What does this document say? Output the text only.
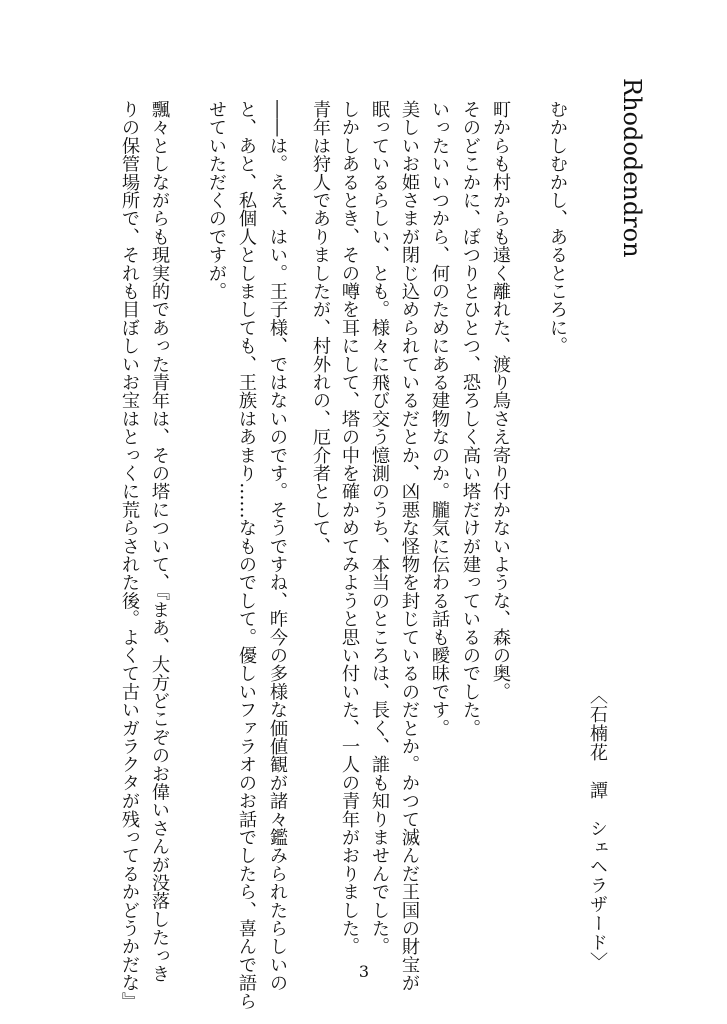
Rhododendron
〈石楠花　譚　シェヘラザード〉
むかしむかし、あるところに。
町からも村からも遠く離れた、渡り鳥さえ寄り付かないような、森の奥。
そのどこかに、ぽつりとひとつ、恐ろしく高い塔だけが建っているのでした。
いったいいつから、何のためにある建物なのか。朧気に伝わる話も曖昧です。
美しいお姫さまが閉じ込められているだとか、凶悪な怪物を封じているのだとか。かつて滅んだ王国の財宝が
眠っているらしい、とも。様々に飛び交う憶測のうち、本当のところは、長く、誰も知りませんでした。
しかしあるとき、その噂を耳にして、塔の中を確かめてみようと思い付いた、一人の青年がおりました。
青年は狩人でありましたが、村外れの、厄介者として、
――は。ええ、はい。王子様、ではないのです。そうですね、昨今の多様な価値観が諸々鑑みられたらしいの
と、あと、私個人としましても、王族はあまり……なものでして。優しいファラオのお話でしたら、喜んで語ら
せていただくのですが。
飄々としながらも現実的であった青年は、その塔について、『まあ、大方どこぞのお偉いさんが没落したっき
りの保管場所で、それも目ぼしいお宝はとっくに荒らされた後。よくて古いガラクタが残ってるかどうかだな』	3
